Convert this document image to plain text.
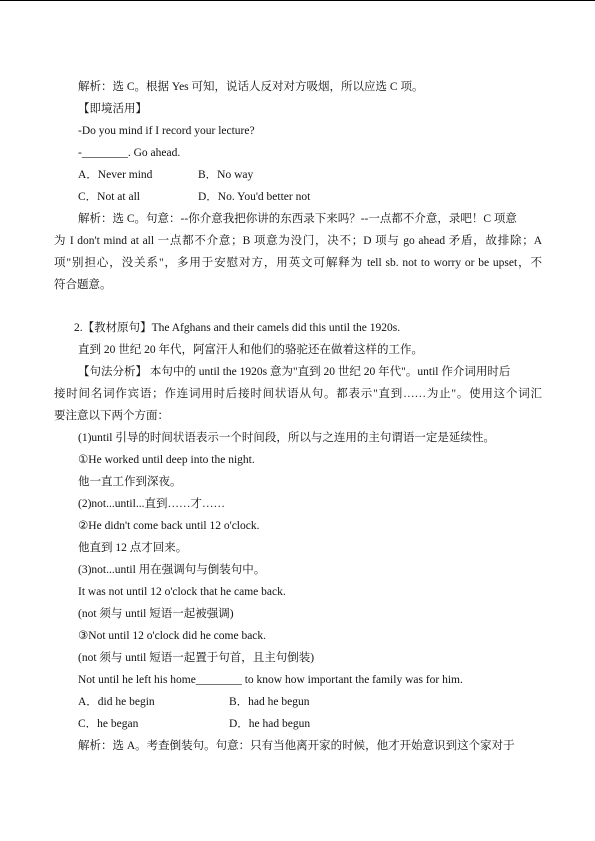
解析：选 C。根据 Yes 可知，说话人反对对方吸烟，所以应选 C 项。
【即境活用】
-Do you mind if I record your lecture?
-________. Go ahead.
A．Never mind	B．No way
C．Not at all	D．No. You'd better not
解析：选 C。句意：--你介意我把你讲的东西录下来吗？--一点都不介意，录吧！C 项意
为 I don't mind at all 一点都不介意；B 项意为没门，决不；D 项与 go ahead 矛盾，故排除；A
项"别担心，没关系"，多用于安慰对方，用英文可解释为 tell sb. not to worry or be upset，不
符合题意。
2.【教材原句】The Afghans and their camels did this until the 1920s.
直到 20 世纪 20 年代，阿富汗人和他们的骆驼还在做着这样的工作。
【句法分析】 本句中的 until the 1920s 意为"直到 20 世纪 20 年代"。until 作介词用时后
接时间名词作宾语；作连词用时后接时间状语从句。都表示"直到……为止"。使用这个词汇
要注意以下两个方面：
(1)until 引导的时间状语表示一个时间段，所以与之连用的主句谓语一定是延续性。
①He worked until deep into the night.
他一直工作到深夜。
(2)not...until...直到……才……
②He didn't come back until 12 o'clock.
他直到 12 点才回来。
(3)not...until 用在强调句与倒装句中。
It was not until 12 o'clock that he came back.
(not 须与 until 短语一起被强调)
③Not until 12 o'clock did he come back.
(not 须与 until 短语一起置于句首，且主句倒装)
Not until he left his home________ to know how important the family was for him.
A．did he begin	B．had he begun
C．he began	D．he had begun
解析：选 A。考查倒装句。句意：只有当他离开家的时候，他才开始意识到这个家对于
